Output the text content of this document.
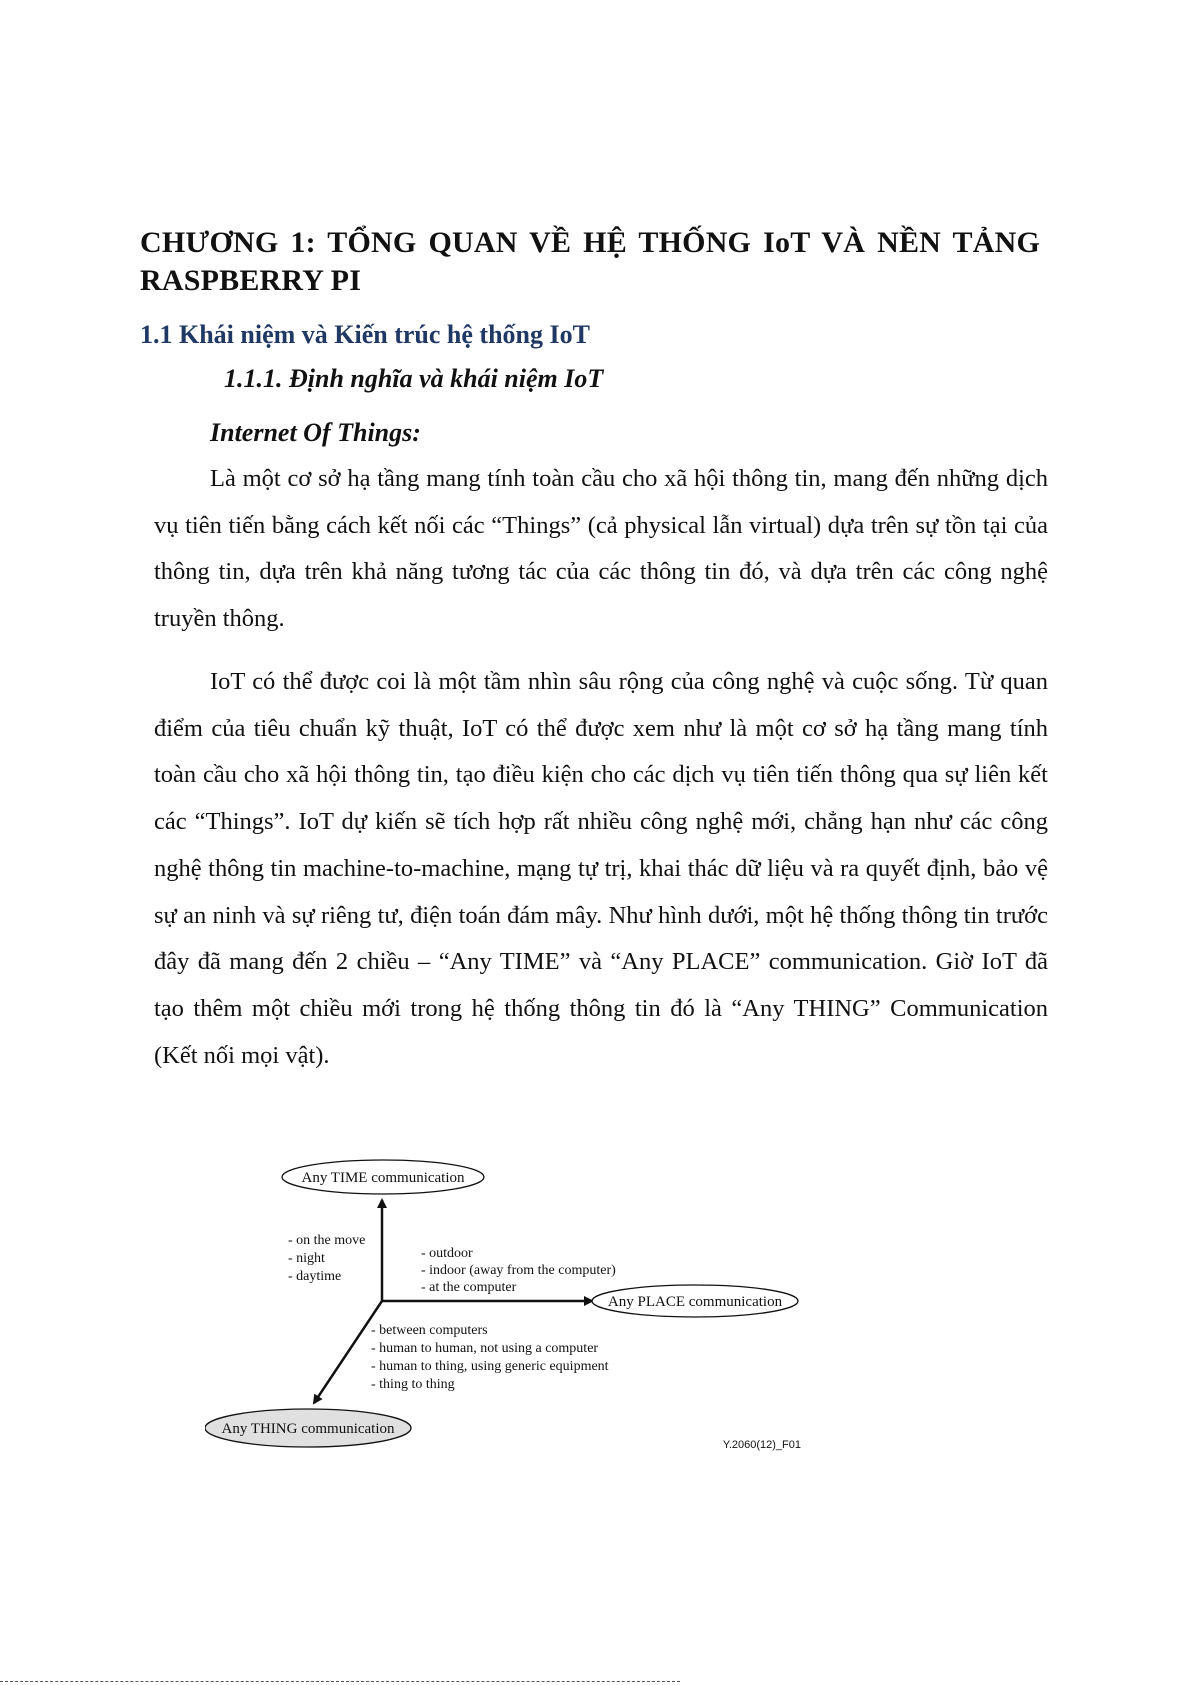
CHƯƠNG 1: TỔNG QUAN VỀ HỆ THỐNG IoT VÀ NỀN TẢNG RASPBERRY PI
1.1 Khái niệm và Kiến trúc hệ thống IoT
1.1.1. Định nghĩa và khái niệm IoT
Internet Of Things:

Là một cơ sở hạ tầng mang tính toàn cầu cho xã hội thông tin, mang đến những dịch vụ tiên tiến bằng cách kết nối các “Things” (cả physical lẫn virtual) dựa trên sự tồn tại của thông tin, dựa trên khả năng tương tác của các thông tin đó, và dựa trên các công nghệ truyền thông.

IoT có thể được coi là một tầm nhìn sâu rộng của công nghệ và cuộc sống. Từ quan điểm của tiêu chuẩn kỹ thuật, IoT có thể được xem như là một cơ sở hạ tầng mang tính toàn cầu cho xã hội thông tin, tạo điều kiện cho các dịch vụ tiên tiến thông qua sự liên kết các “Things”. IoT dự kiến sẽ tích hợp rất nhiều công nghệ mới, chẳng hạn như các công nghệ thông tin machine-to-machine, mạng tự trị, khai thác dữ liệu và ra quyết định, bảo vệ sự an ninh và sự riêng tư, điện toán đám mây. Như hình dưới, một hệ thống thông tin trước đây đã mang đến 2 chiều – “Any TIME” và “Any PLACE” communication. Giờ IoT đã tạo thêm một chiều mới trong hệ thống thông tin đó là “Any THING” Communication (Kết nối mọi vật).

Any TIME communication
Any PLACE communication
Any THING communication
- on the move
- night
- daytime
- outdoor
- indoor (away from the computer)
- at the computer
- between computers
- human to human, not using a computer
- human to thing, using generic equipment
- thing to thing
Y.2060(12)_F01
